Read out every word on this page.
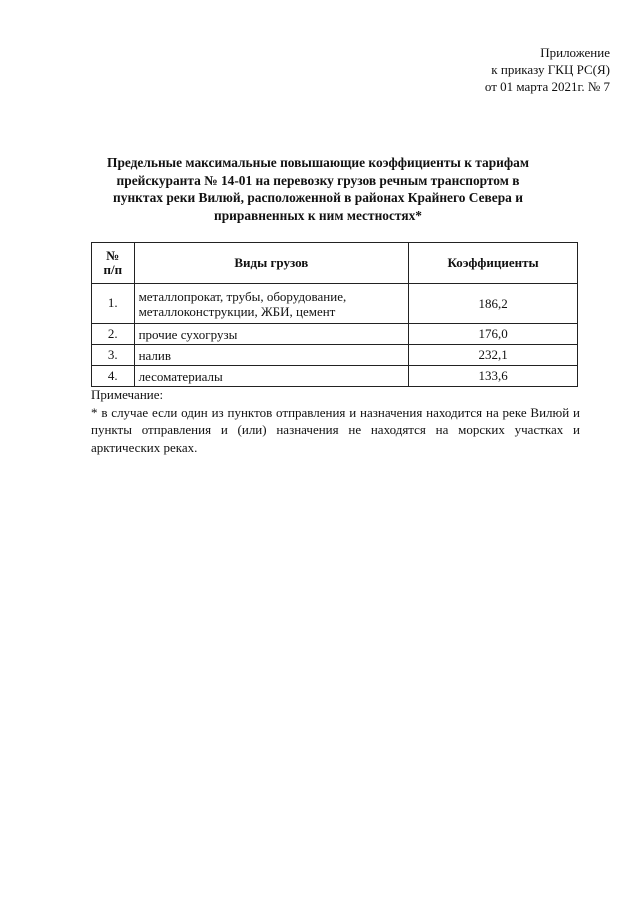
Приложение
к приказу ГКЦ РС(Я)
от 01 марта 2021г. № 7
Предельные максимальные повышающие коэффициенты к тарифам
прейскуранта № 14-01 на перевозку грузов речным транспортом в
пунктах реки Вилюй, расположенной в районах Крайнего Севера и
приравненных к ним местностях*
№
п/п	Виды грузов	Коэффициенты
1.	металлопрокат, трубы, оборудование,
металлоконструкции, ЖБИ, цемент	186,2
2.	прочие сухогрузы	176,0
3.	налив	232,1
4.	лесоматериалы	133,6
Примечание:
* в случае если один из пунктов отправления и назначения находится на реке Вилюй и пункты отправления и (или) назначения не находятся на морских участках и арктических реках.
